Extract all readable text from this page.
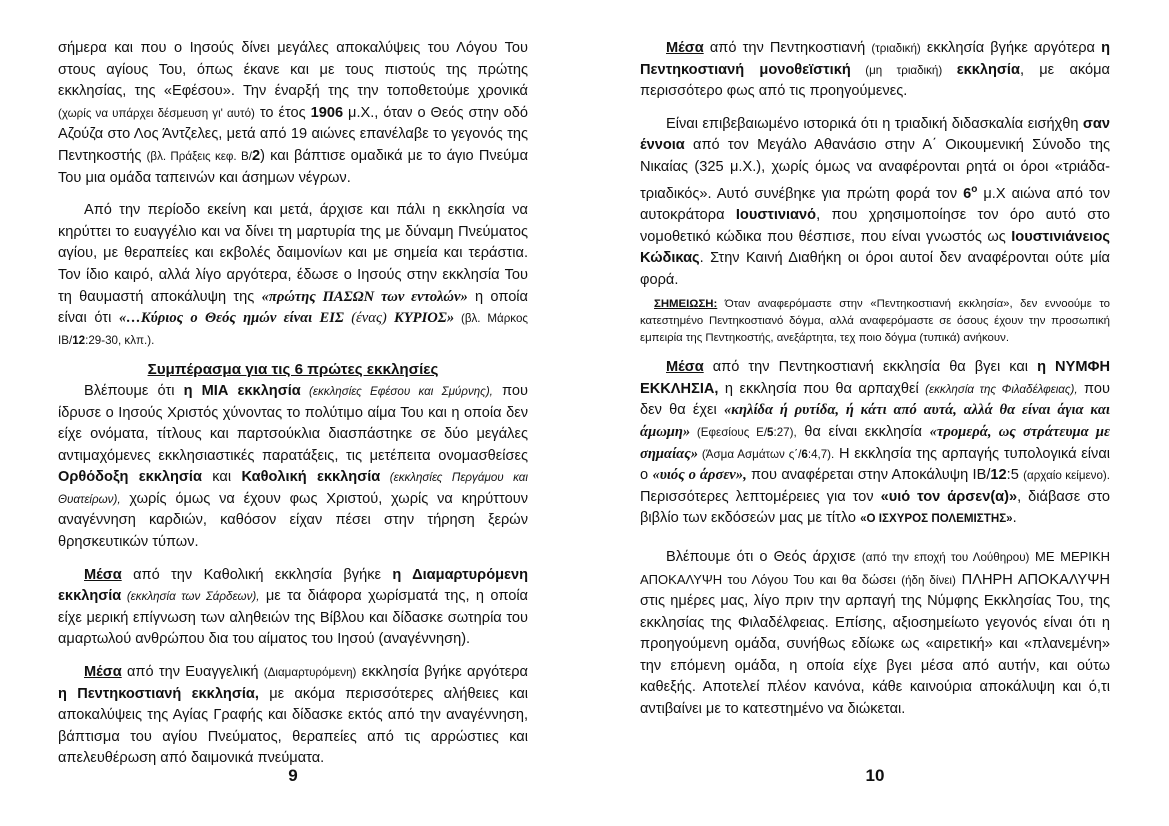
σήμερα και που ο Ιησούς δίνει μεγάλες αποκαλύψεις του Λόγου Του στους αγίους Του, όπως έκανε και με τους πιστούς της πρώτης εκκλησίας, της «Εφέσου». Την έναρξή της την τοποθετούμε χρονικά (χωρίς να υπάρχει δέσμευση γι' αυτό) το έτος 1906 μ.Χ., όταν ο Θεός στην οδό Αζούζα στο Λος Άντζελες, μετά από 19 αιώνες επανέλαβε το γεγονός της Πεντηκοστής (βλ. Πράξεις κεφ. Β/2) και βάπτισε ομαδικά με το άγιο Πνεύμα Του μια ομάδα ταπεινών και άσημων νέγρων.

Από την περίοδο εκείνη και μετά, άρχισε και πάλι η εκκλησία να κηρύττει το ευαγγέλιο και να δίνει τη μαρτυρία της με δύναμη Πνεύματος αγίου, με θεραπείες και εκβολές δαιμονίων και με σημεία και τεράστια. Τον ίδιο καιρό, αλλά λίγο αργότερα, έδωσε ο Ιησούς στην εκκλησία Του τη θαυμαστή αποκάλυψη της «πρώτης ΠΑΣΩΝ των εντολών» η οποία είναι ότι «…Κύριος ο Θεός ημών είναι ΕΙΣ (ένας) ΚΥΡΙΟΣ» (βλ. Μάρκος ΙΒ/12:29-30, κλπ.).

Συμπέρασμα για τις 6 πρώτες εκκλησίες

Βλέπουμε ότι η ΜΙΑ εκκλησία (εκκλησίες Εφέσου και Σμύρνης), που ίδρυσε ο Ιησούς Χριστός χύνοντας το πολύτιμο αίμα Του και η οποία δεν είχε ονόματα, τίτλους και παρτσούκλια διασπάστηκε σε δύο μεγάλες αντιμαχόμενες εκκλησιαστικές παρατάξεις, τις μετέπειτα ονομασθείσες Ορθόδοξη εκκλησία και Καθολική εκκλησία (εκκλησίες Περγάμου και Θυατείρων), χωρίς όμως να έχουν φως Χριστού, χωρίς να κηρύττουν αναγέννηση καρδιών, καθόσον είχαν πέσει στην τήρηση ξερών θρησκευτικών τύπων.

Μέσα από την Καθολική εκκλησία βγήκε η Διαμαρτυρόμενη εκκλησία (εκκλησία των Σάρδεων), με τα διάφορα χωρίσματά της, η οποία είχε μερική επίγνωση των αληθειών της Βίβλου και δίδασκε σωτηρία του αμαρτωλού ανθρώπου δια του αίματος του Ιησού (αναγέννηση).

Μέσα από την Ευαγγελική (Διαμαρτυρόμενη) εκκλησία βγήκε αργότερα η Πεντηκοστιανή εκκλησία, με ακόμα περισσότερες αλήθειες και αποκαλύψεις της Αγίας Γραφής και δίδασκε εκτός από την αναγέννηση, βάπτισμα του αγίου Πνεύματος, θεραπείες από τις αρρώστιες και απελευθέρωση από δαιμονικά πνεύματα.

9

Μέσα από την Πεντηκοστιανή (τριαδική) εκκλησία βγήκε αργότερα η Πεντηκοστιανή μονοθεϊστική (μη τριαδική) εκκλησία, με ακόμα περισσότερο φως από τις προηγούμενες.

Είναι επιβεβαιωμένο ιστορικά ότι η τριαδική διδασκαλία εισήχθη σαν έννοια από τον Μεγάλο Αθανάσιο στην Α΄ Οικουμενική Σύνοδο της Νικαίας (325 μ.Χ.), χωρίς όμως να αναφέρονται ρητά οι όροι «τριάδα-τριαδικός». Αυτό συνέβηκε για πρώτη φορά τον $6^o$ μ.Χ αιώνα από τον αυτοκράτορα Ιουστινιανό, που χρησιμοποίησε τον όρο αυτό στο νομοθετικό κώδικα που θέσπισε, που είναι γνωστός ως Ιουστινιάνειος Κώδικας. Στην Καινή Διαθήκη οι όροι αυτοί δεν αναφέρονται ούτε μία φορά.

ΣΗΜΕΙΩΣΗ: Όταν αναφερόμαστε στην «Πεντηκοστιανή εκκλησία», δεν εννοούμε το κατεστημένο Πεντηκοστιανό δόγμα, αλλά αναφερόμαστε σε όσους έχουν την προσωπική εμπειρία της Πεντηκοστής, ανεξάρτητα, τεχ ποιο δόγμα (τυπικά) ανήκουν.

Μέσα από την Πεντηκοστιανή εκκλησία θα βγει και η ΝΥΜΦΗ ΕΚΚΛΗΣΙΑ, η εκκλησία που θα αρπαχθεί (εκκλησία της Φιλαδέλφειας), που δεν θα έχει «κηλίδα ή ρυτίδα, ή κάτι από αυτά, αλλά θα είναι άγια και άμωμη» (Εφεσίους Ε/5:27), θα είναι εκκλησία «τρομερά, ως στράτευμα με σημαίας» (Άσμα Ασμάτων ς΄/6:4,7). Η εκκλησία της αρπαγής τυπολογικά είναι ο «υιός ο άρσεν», που αναφέρεται στην Αποκάλυψη ΙΒ/12:5 (αρχαίο κείμενο). Περισσότερες λεπτομέρειες για τον «υιό τον άρσεν(α)», διάβασε στο βιβλίο των εκδόσεών μας με τίτλο «Ο ΙΣΧΥΡΟΣ ΠΟΛΕΜΙΣΤΗΣ».

Βλέπουμε ότι ο Θεός άρχισε (από την εποχή του Λούθηρου) ΜΕ ΜΕΡΙΚΗ ΑΠΟΚΑΛΥΨΗ του Λόγου Του και θα δώσει (ήδη δίνει) ΠΛΗΡΗ ΑΠΟΚΑΛΥΨΗ στις ημέρες μας, λίγο πριν την αρπαγή της Νύμφης Εκκλησίας Του, της εκκλησίας της Φιλαδέλφειας. Επίσης, αξιοσημείωτο γεγονός είναι ότι η προηγούμενη ομάδα, συνήθως εδίωκε ως «αιρετική» και «πλανεμένη» την επόμενη ομάδα, η οποία είχε βγει μέσα από αυτήν, και ούτω καθεξής. Αποτελεί πλέον κανόνα, κάθε καινούρια αποκάλυψη και ό,τι αντιβαίνει με το κατεστημένο να διώκεται.

10
